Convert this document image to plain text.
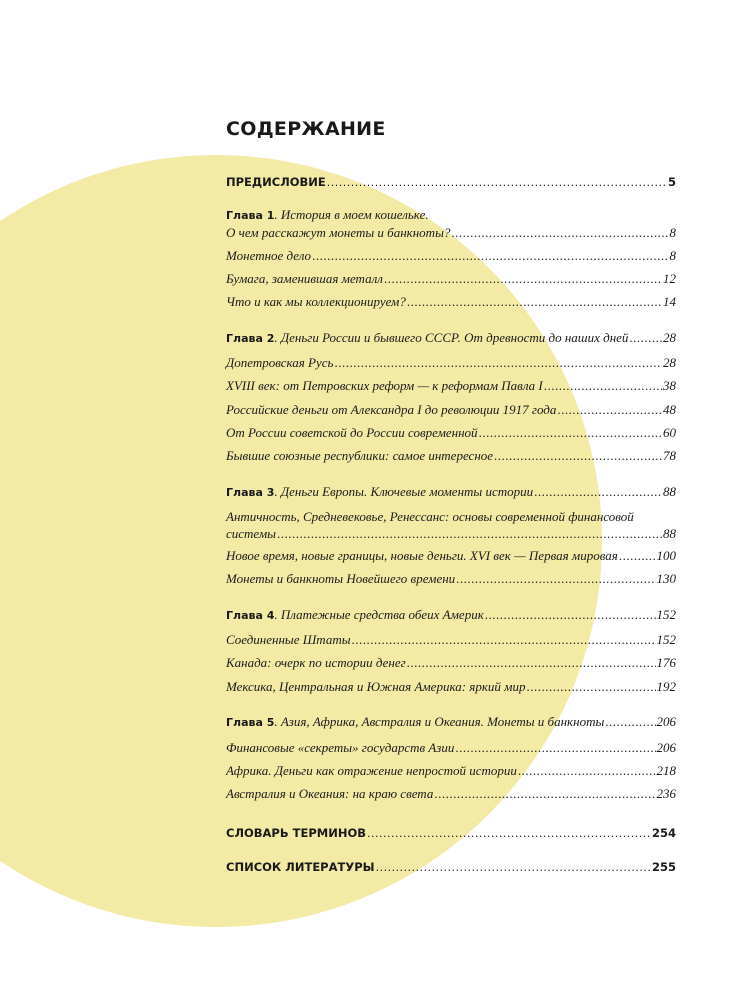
СОДЕРЖАНИЕ
ПРЕДИСЛОВИЕ .....	5
Глава 1. История в моем кошельке.
О чем расскажут монеты и банкноты? .....	8
Монетное дело .....	8
Бумага, заменившая металл .....	12
Что и как мы коллекционируем? .....	14
Глава 2. Деньги России и бывшего СССР. От древности до наших дней .....	28
Допетровская Русь .....	28
XVIII век: от Петровских реформ — к реформам Павла I .....	38
Российские деньги от Александра I до революции 1917 года .....	48
От России советской до России современной .....	60
Бывшие союзные республики: самое интересное .....	78
Глава 3. Деньги Европы. Ключевые моменты истории .....	88
Античность, Средневековье, Ренессанс: основы современной финансовой
системы .....	88
Новое время, новые границы, новые деньги. XVI век — Первая мировая .....	100
Монеты и банкноты Новейшего времени .....	130
Глава 4. Платежные средства обеих Америк .....	152
Соединенные Штаты .....	152
Канада: очерк по истории денег .....	176
Мексика, Центральная и Южная Америка: яркий мир .....	192
Глава 5. Азия, Африка, Австралия и Океания. Монеты и банкноты .....	206
Финансовые «секреты» государств Азии .....	206
Африка. Деньги как отражение непростой истории .....	218
Австралия и Океания: на краю света .....	236
СЛОВАРЬ ТЕРМИНОВ .....	254
СПИСОК ЛИТЕРАТУРЫ .....	255
